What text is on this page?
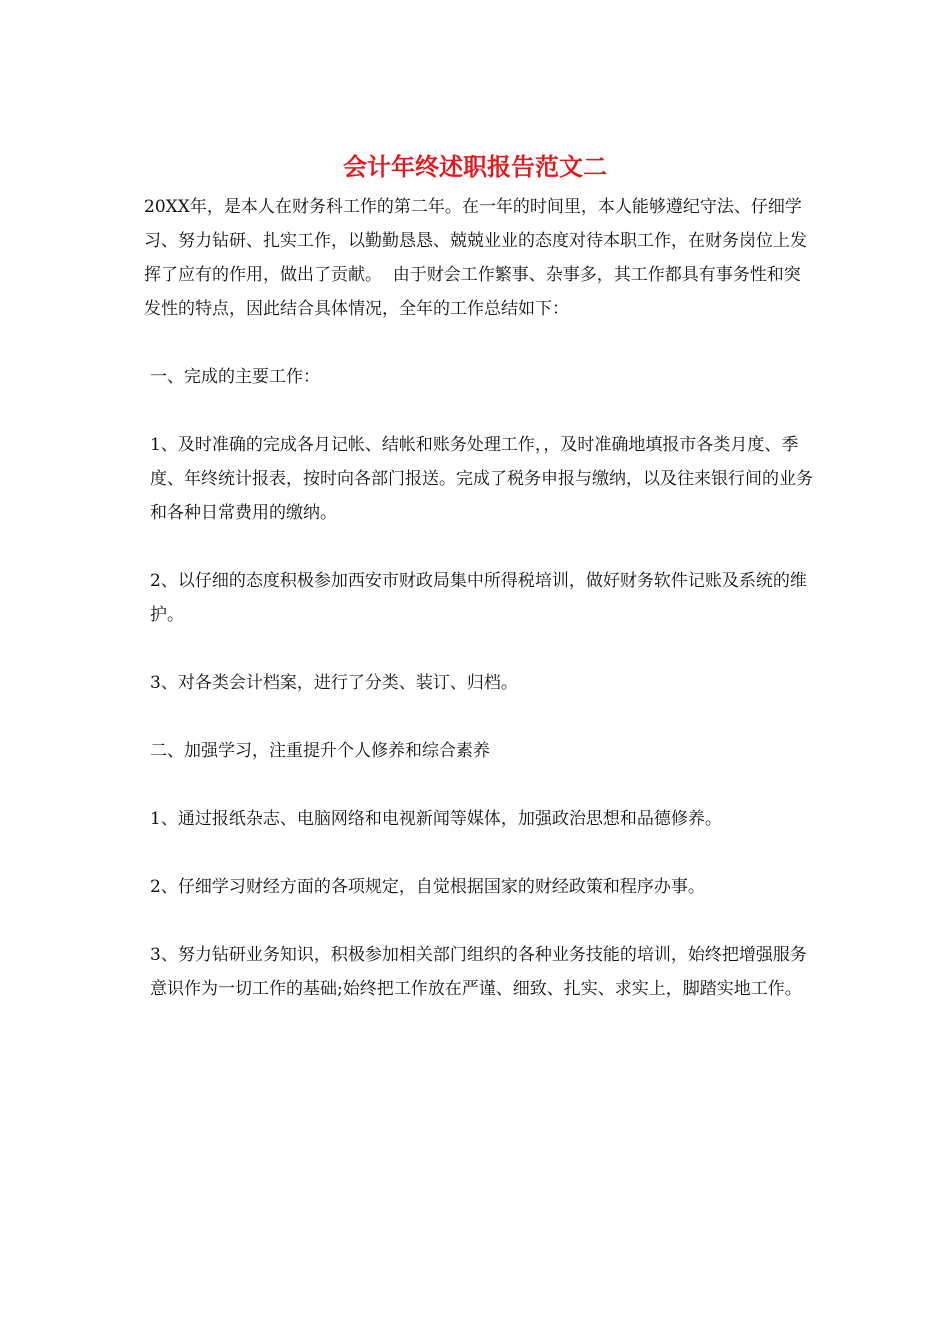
会计年终述职报告范文二

20XX年，是本人在财务科工作的第二年。在一年的时间里，本人能够遵纪守法、仔细学习、努力钻研、扎实工作，以勤勤恳恳、兢兢业业的态度对待本职工作，在财务岗位上发挥了应有的作用，做出了贡献。  由于财会工作繁事、杂事多，其工作都具有事务性和突发性的特点，因此结合具体情况，全年的工作总结如下：

一、完成的主要工作：

1、及时准确的完成各月记帐、结帐和账务处理工作，，及时准确地填报市各类月度、季度、年终统计报表，按时向各部门报送。完成了税务申报与缴纳，以及往来银行间的业务和各种日常费用的缴纳。

2、以仔细的态度积极参加西安市财政局集中所得税培训，做好财务软件记账及系统的维护。

3、对各类会计档案，进行了分类、装订、归档。

二、加强学习，注重提升个人修养和综合素养

1、通过报纸杂志、电脑网络和电视新闻等媒体，加强政治思想和品德修养。

2、仔细学习财经方面的各项规定，自觉根据国家的财经政策和程序办事。

3、努力钻研业务知识，积极参加相关部门组织的各种业务技能的培训，始终把增强服务意识作为一切工作的基础;始终把工作放在严谨、细致、扎实、求实上，脚踏实地工作。
